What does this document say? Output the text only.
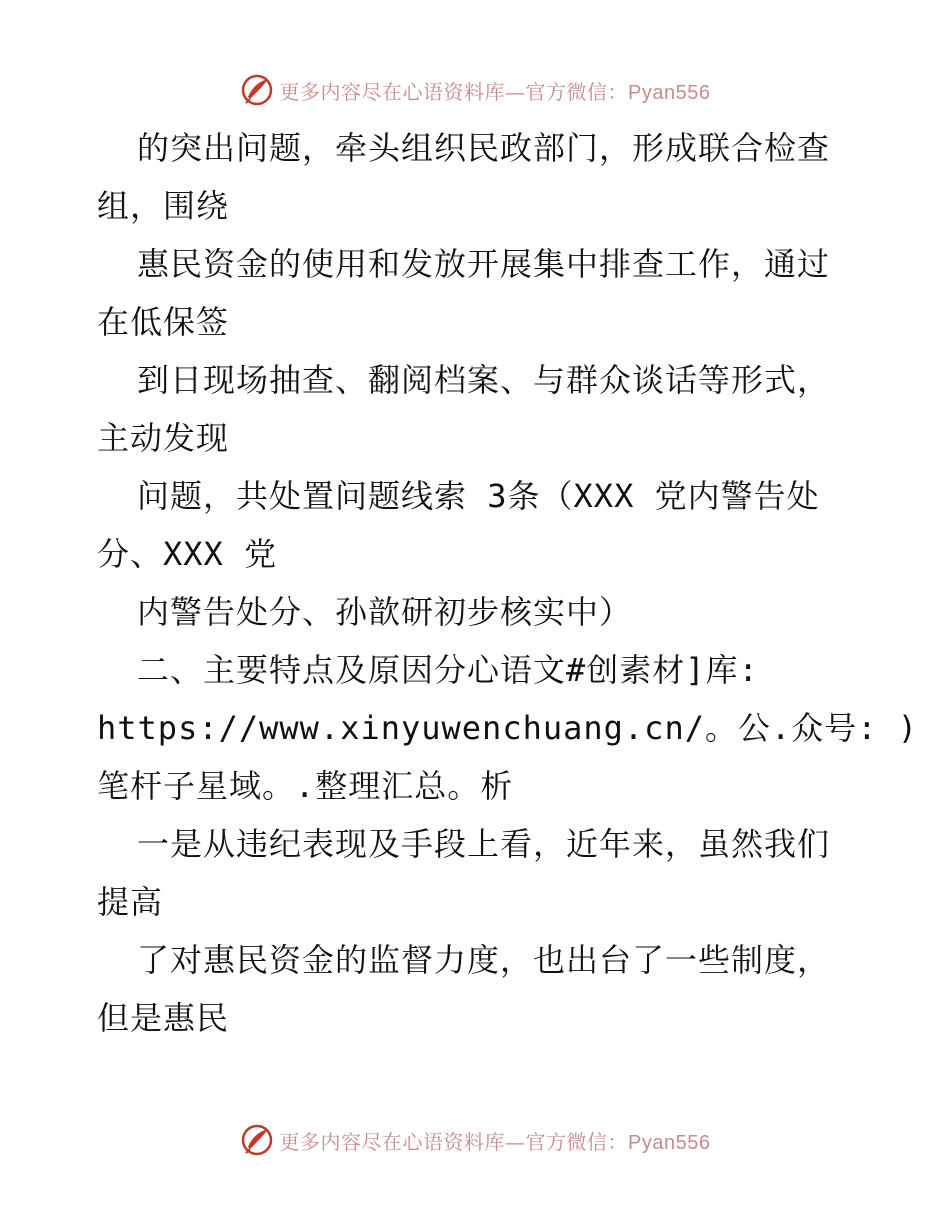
更多内容尽在心语资料库—官方微信：Pyan556
的突出问题，牵头组织民政部门，形成联合检查
组，围绕
惠民资金的使用和发放开展集中排查工作，通过
在低保签
到日现场抽查、翻阅档案、与群众谈话等形式，
主动发现
问题，共处置问题线索 3条（XXX 党内警告处
分、XXX 党
内警告处分、孙歆研初步核实中）
二、主要特点及原因分心语文#创素材]库:
https://www.xinyuwenchuang.cn/。公.众号: )
笔杆子星域。.整理汇总。析
一是从违纪表现及手段上看，近年来，虽然我们
提高
了对惠民资金的监督力度，也出台了一些制度，
但是惠民
更多内容尽在心语资料库—官方微信：Pyan556
